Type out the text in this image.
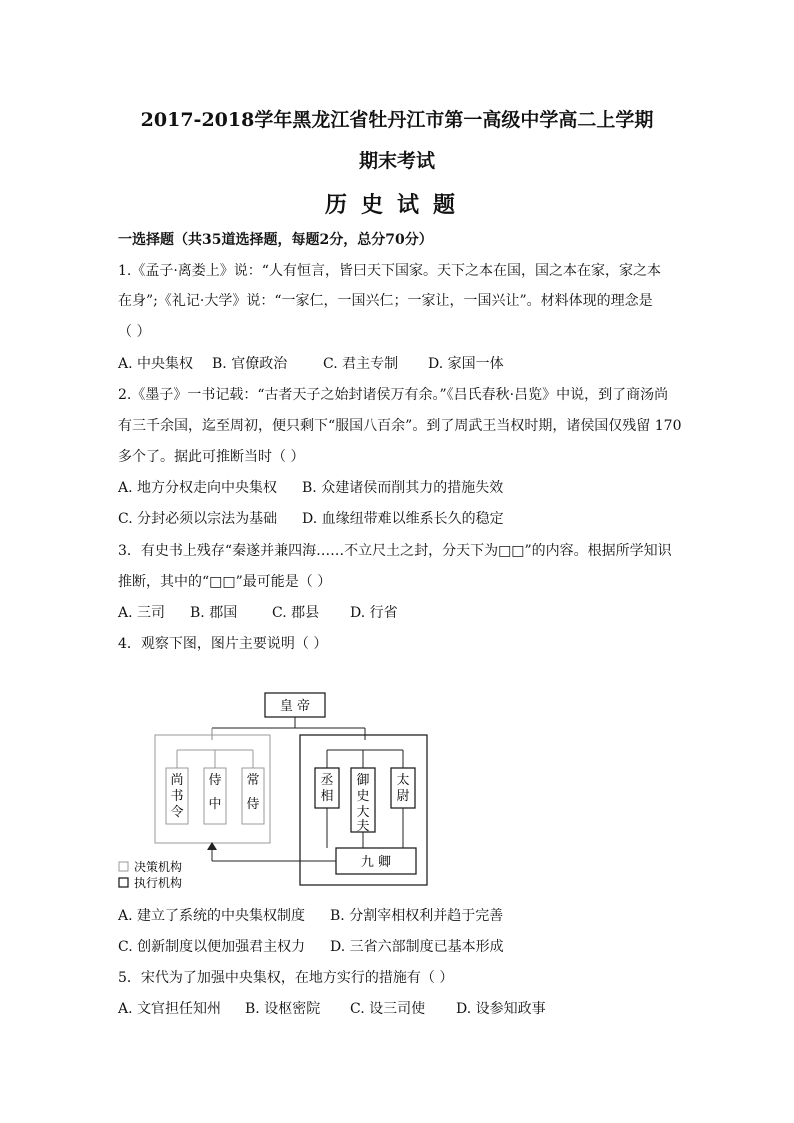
2017-2018学年黑龙江省牡丹江市第一高级中学高二上学期
期末考试
历史试题
一选择题（共35道选择题，每题2分，总分70分）
1.《孟子·离娄上》说：“人有恒言，皆曰天下国家。天下之本在国，国之本在家，家之本
在身”;《礼记·大学》说：“一家仁，一国兴仁；一家让，一国兴让”。材料体现的理念是
（ ）
A. 中央集权 B. 官僚政治	C. 君主专制 D. 家国一体
2.《墨子》一书记载：“古者天子之始封诸侯万有余。”《吕氏春秋·吕览》中说，到了商汤尚
有三千余国，迄至周初，便只剩下“服国八百余”。到了周武王当权时期，诸侯国仅残留 170
多个了。据此可推断当时（ ）
A. 地方分权走向中央集权 B. 众建诸侯而削其力的措施失效
C. 分封必须以宗法为基础 D. 血缘纽带难以维系长久的稳定
3．有史书上残存“秦遂并兼四海……不立尺土之封，分天下为□□”的内容。根据所学知识
推断，其中的“□□”最可能是（ ）
A. 三司 B. 郡国 C. 郡县 D. 行省
4．观察下图，图片主要说明（ ）
皇 帝
尚
书
令
侍
中
常
侍
丞
相
御
史
大
夫
太
尉
九 卿
决策机构
执行机构
A. 建立了系统的中央集权制度 B. 分割宰相权利并趋于完善
C. 创新制度以便加强君主权力 D. 三省六部制度已基本形成
5．宋代为了加强中央集权，在地方实行的措施有（ ）
A. 文官担任知州 B. 设枢密院 C. 设三司使 D. 设参知政事
